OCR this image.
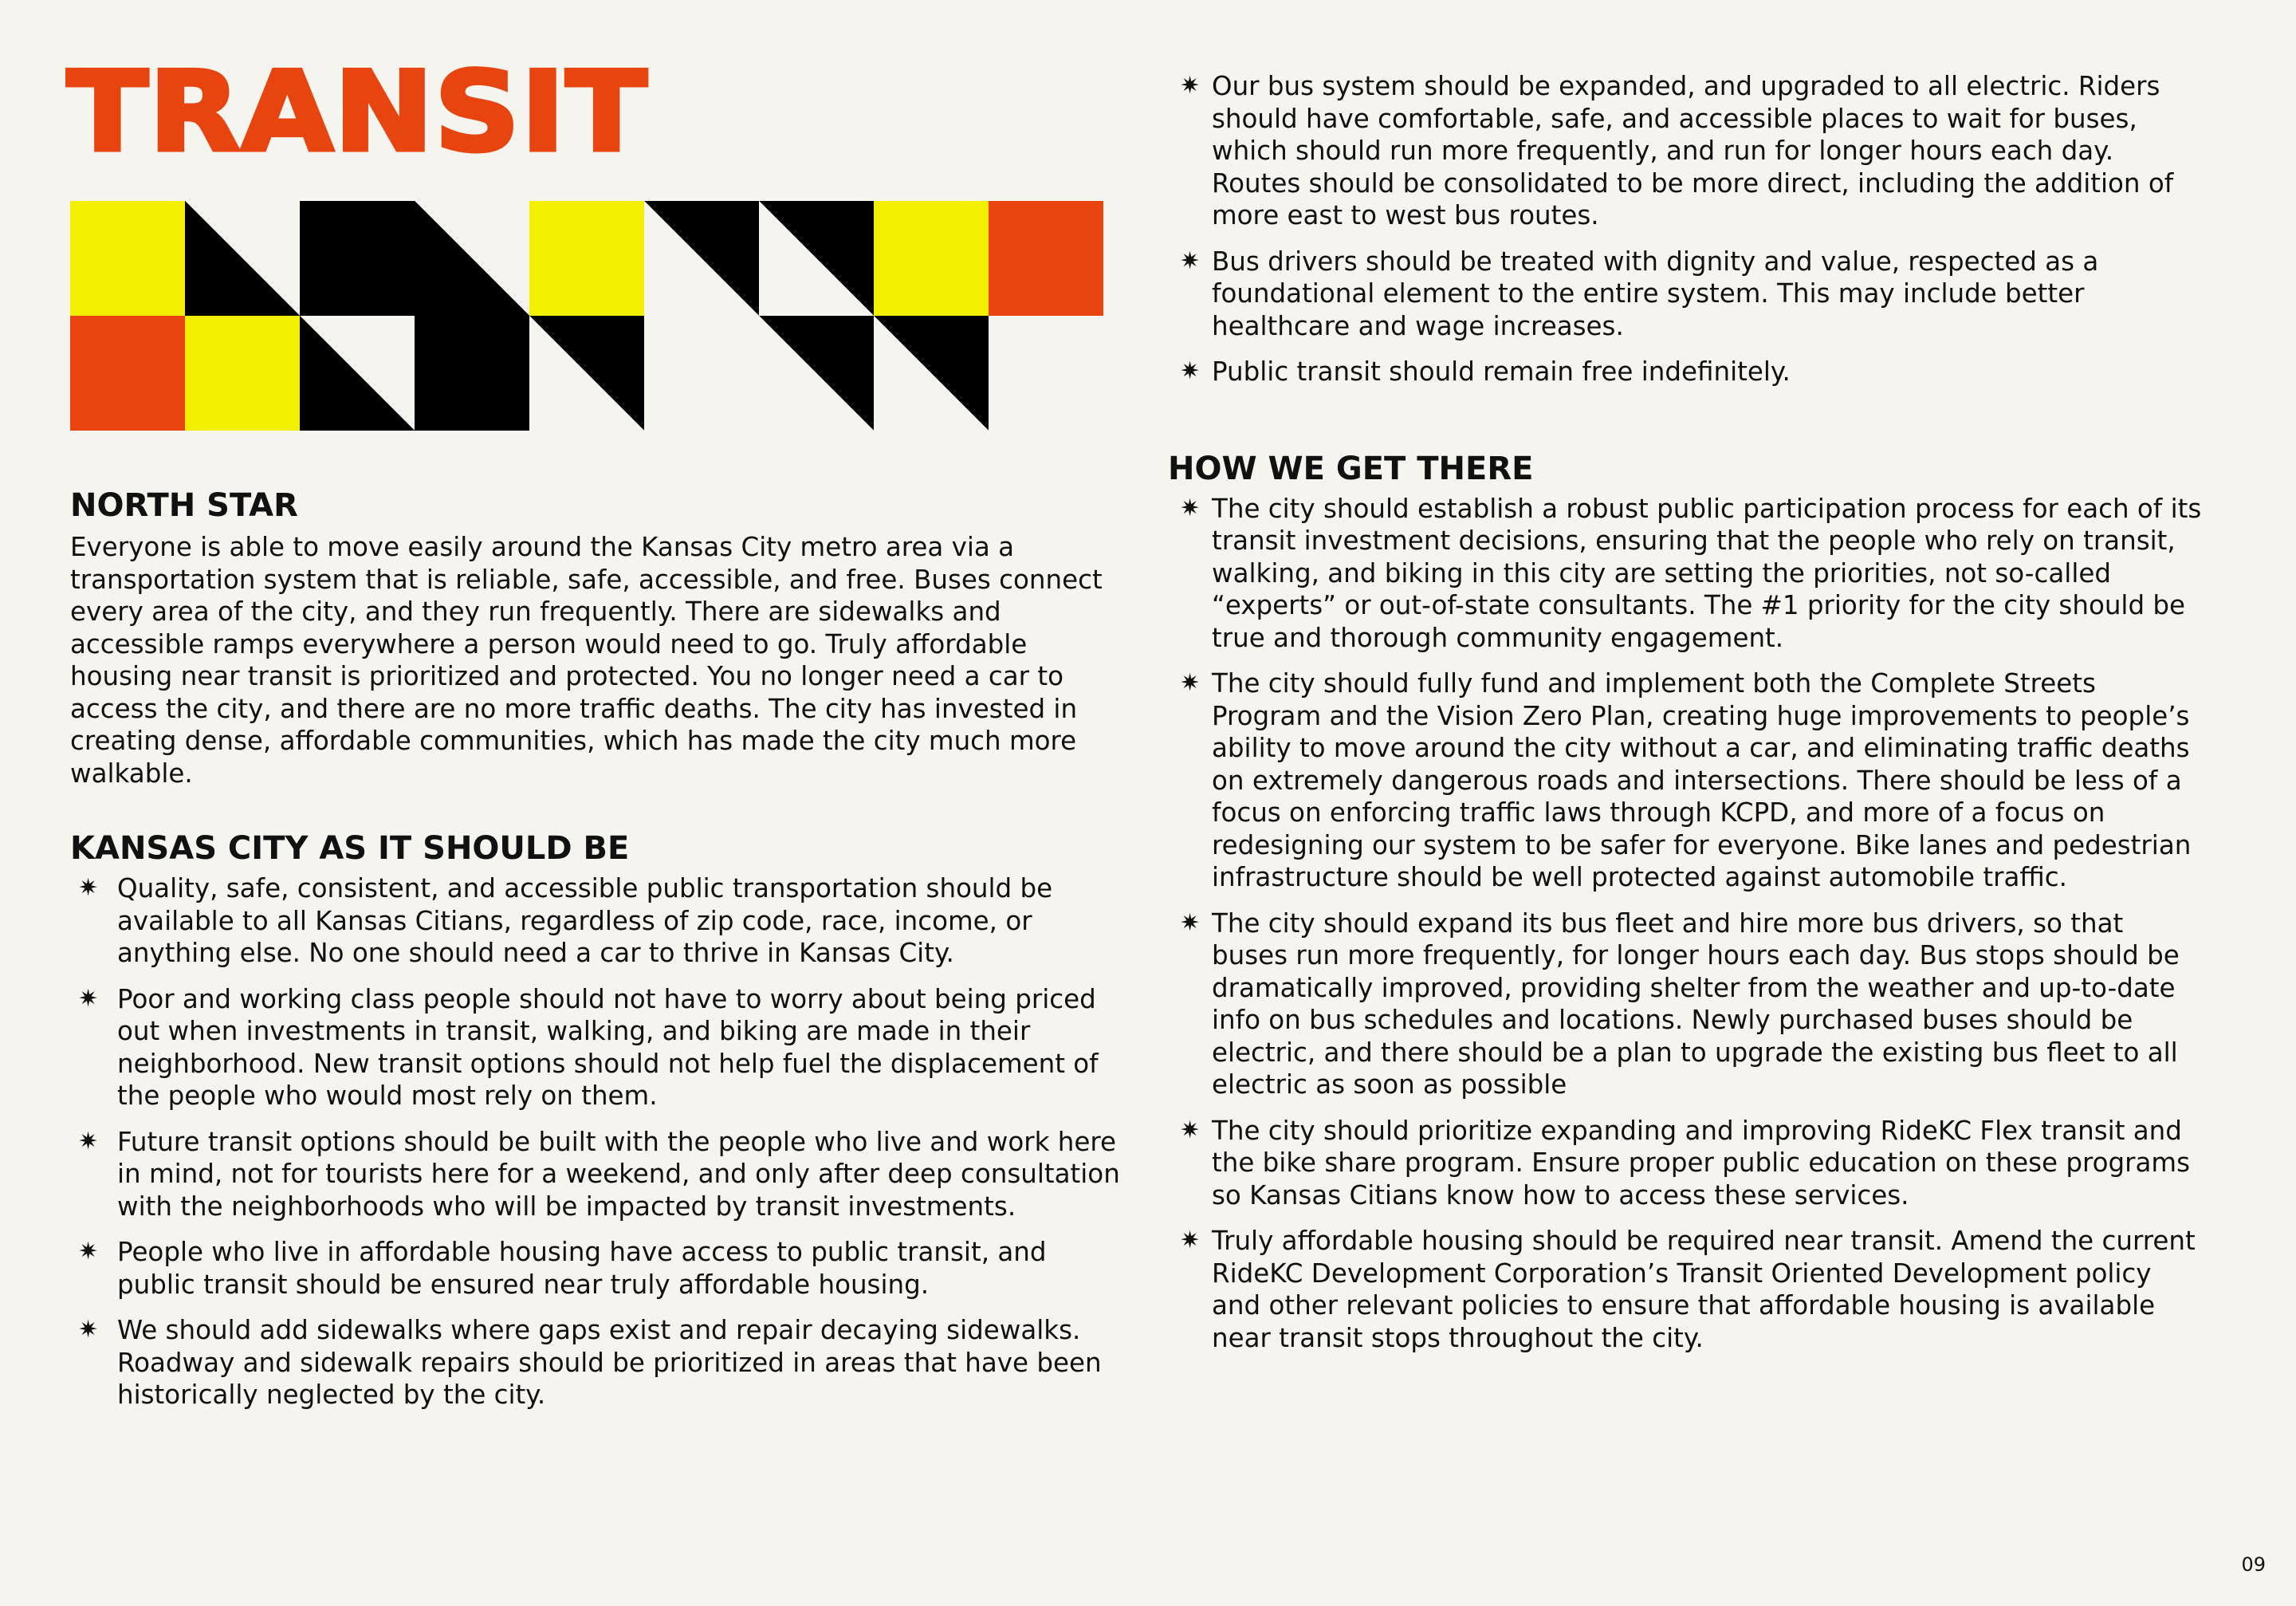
TRANSIT
NORTH STAR

Everyone is able to move easily around the Kansas City metro area via a transportation system that is reliable, safe, accessible, and free. Buses connect every area of the city, and they run frequently. There are sidewalks and accessible ramps everywhere a person would need to go. Truly affordable housing near transit is prioritized and protected. You no longer need a car to access the city, and there are no more traffic deaths. The city has invested in creating dense, affordable communities, which has made the city much more walkable.

KANSAS CITY AS IT SHOULD BE
✷ Quality, safe, consistent, and accessible public transportation should be available to all Kansas Citians, regardless of zip code, race, income, or anything else. No one should need a car to thrive in Kansas City.
✷ Poor and working class people should not have to worry about being priced out when investments in transit, walking, and biking are made in their neighborhood. New transit options should not help fuel the displacement of the people who would most rely on them.
✷ Future transit options should be built with the people who live and work here in mind, not for tourists here for a weekend, and only after deep consultation with the neighborhoods who will be impacted by transit investments.
✷ People who live in affordable housing have access to public transit, and public transit should be ensured near truly affordable housing.
✷ We should add sidewalks where gaps exist and repair decaying sidewalks. Roadway and sidewalk repairs should be prioritized in areas that have been historically neglected by the city.
✷ Our bus system should be expanded, and upgraded to all electric. Riders should have comfortable, safe, and accessible places to wait for buses, which should run more frequently, and run for longer hours each day. Routes should be consolidated to be more direct, including the addition of more east to west bus routes.
✷ Bus drivers should be treated with dignity and value, respected as a foundational element to the entire system. This may include better healthcare and wage increases.
✷ Public transit should remain free indefinitely.
HOW WE GET THERE
✷ The city should establish a robust public participation process for each of its transit investment decisions, ensuring that the people who rely on transit, walking, and biking in this city are setting the priorities, not so-called “experts” or out-of-state consultants. The #1 priority for the city should be true and thorough community engagement.
✷ The city should fully fund and implement both the Complete Streets Program and the Vision Zero Plan, creating huge improvements to people’s ability to move around the city without a car, and eliminating traffic deaths on extremely dangerous roads and intersections. There should be less of a focus on enforcing traffic laws through KCPD, and more of a focus on redesigning our system to be safer for everyone. Bike lanes and pedestrian infrastructure should be well protected against automobile traffic.
✷ The city should expand its bus fleet and hire more bus drivers, so that buses run more frequently, for longer hours each day. Bus stops should be dramatically improved, providing shelter from the weather and up-to-date info on bus schedules and locations. Newly purchased buses should be electric, and there should be a plan to upgrade the existing bus fleet to all electric as soon as possible
✷ The city should prioritize expanding and improving RideKC Flex transit and the bike share program. Ensure proper public education on these programs so Kansas Citians know how to access these services.
✷ Truly affordable housing should be required near transit. Amend the current RideKC Development Corporation’s Transit Oriented Development policy and other relevant policies to ensure that affordable housing is available near transit stops throughout the city.
09
